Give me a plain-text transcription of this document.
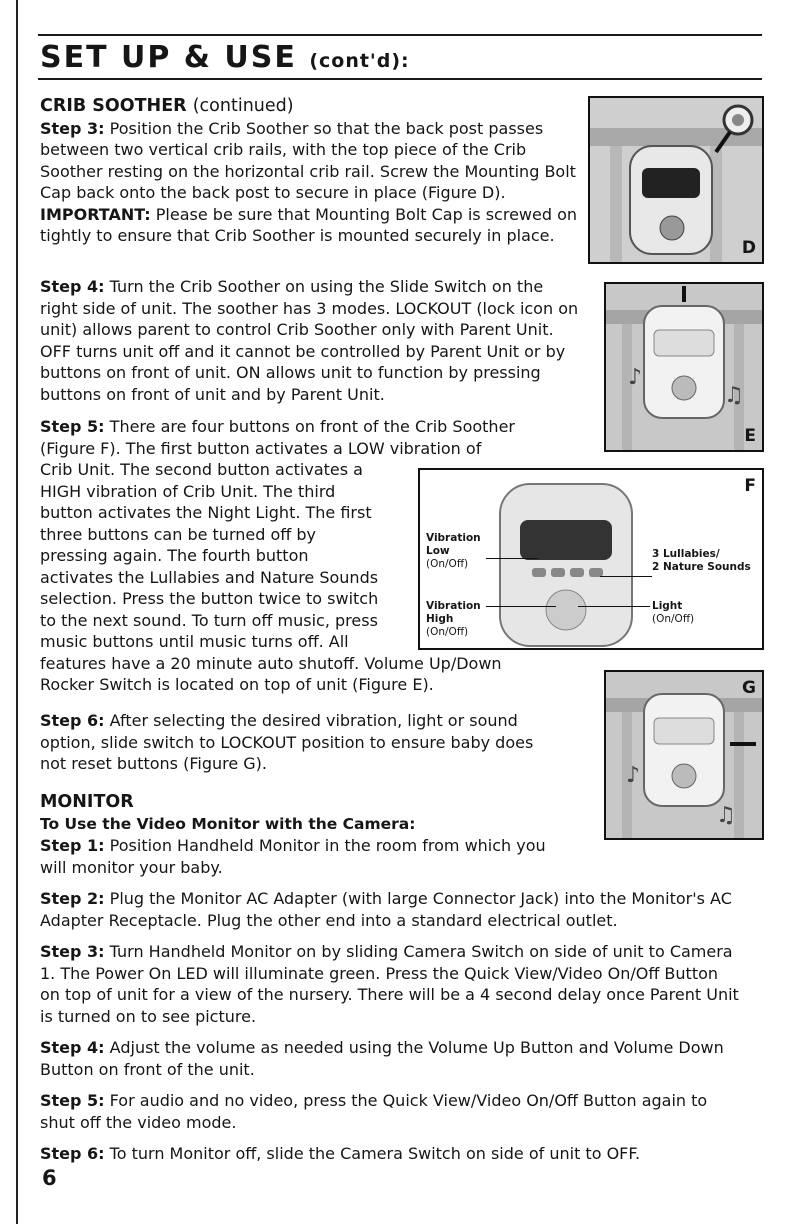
SET UP & USE (cont'd):
CRIB SOOTHER (continued)
Step 3: Position the Crib Soother so that the back post passes between two vertical crib rails, with the top piece of the Crib Soother resting on the horizontal crib rail. Screw the Mounting Bolt Cap back onto the back post to secure in place (Figure D). IMPORTANT: Please be sure that Mounting Bolt Cap is screwed on tightly to ensure that Crib Soother is mounted securely in place.
Step 4: Turn the Crib Soother on using the Slide Switch on the right side of unit. The soother has 3 modes. LOCKOUT (lock icon on unit) allows parent to control Crib Soother only with Parent Unit. OFF turns unit off and it cannot be controlled by Parent Unit or by buttons on front of unit. ON allows unit to function by pressing buttons on front of unit and by Parent Unit.
Step 5: There are four buttons on front of the Crib Soother
(Figure F). The first button activates a LOW vibration of
Crib Unit. The second button activates a
HIGH vibration of Crib Unit. The third
button activates the Night Light. The first
three buttons can be turned off by
pressing again. The fourth button
activates the Lullabies and Nature Sounds
selection. Press the button twice to switch
to the next sound. To turn off music, press
music buttons until music turns off. All
features have a 20 minute auto shutoff. Volume Up/Down
Rocker Switch is located on top of unit (Figure E).
Step 6: After selecting the desired vibration, light or sound option, slide switch to LOCKOUT position to ensure baby does not reset buttons (Figure G).
MONITOR
To Use the Video Monitor with the Camera:
Step 1: Position Handheld Monitor in the room from which you will monitor your baby.
Step 2: Plug the Monitor AC Adapter (with large Connector Jack) into the Monitor's AC Adapter Receptacle. Plug the other end into a standard electrical outlet.
Step 3: Turn Handheld Monitor on by sliding Camera Switch on side of unit to Camera 1. The Power On LED will illuminate green. Press the Quick View/Video On/Off Button on top of unit for a view of the nursery. There will be a 4 second delay once Parent Unit is turned on to see picture.
Step 4: Adjust the volume as needed using the Volume Up Button and Volume Down Button on front of the unit.
Step 5: For audio and no video, press the Quick View/Video On/Off Button again to shut off the video mode.
Step 6: To turn Monitor off, slide the Camera Switch on side of unit to OFF.
D
♪
♫
E
Vibration
Low
(On/Off)
Vibration
High
(On/Off)
3 Lullabies/
2 Nature Sounds
Light
(On/Off)
F
♪
♫
G
6
